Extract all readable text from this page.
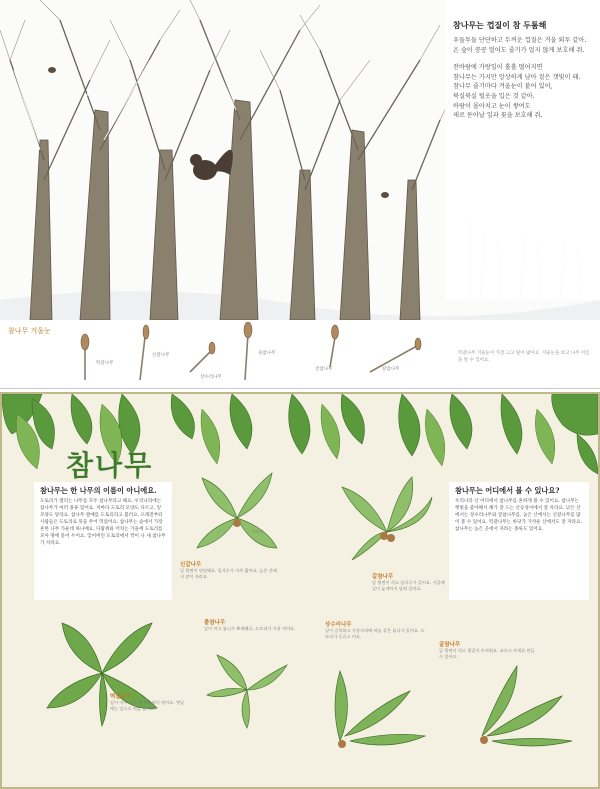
참나무는 껍질이 참 두툼해

우둘투둘 단단하고 두꺼운 껍질은 겨울 외투 같아. 온 숲이 꽁꽁 얼어도 줄기가 얼지 않게 보호해 줘.

찬바람에 가랑잎이 홀홀 떨어지면
참나무는 가지만 앙상하게 남아 짙은 갯빛이 돼.
참나무 줄기마다 겨울눈이 붙어 있어,
북실북실 털옷을 입은 것 같아.
바람이 몰아치고 눈이 쌓여도
새로 돋아날 잎과 꽃을 보호해 줘.

참나무 겨울눈
떡갈나무
신갈나무
상수리나무
졸참나무
굴참나무	갈참나무
떡갈나무 겨울눈이 가장 크고 털이 많아요. 겨울눈을 보고 나무 이름을 알 수 있어요.
참나무
참나무는 한 나무의 이름이 아니에요.

도토리가 열리는 나무를 모두 참나무라고 해요. 우리나라에는 참나무가 여러 종류 있어요. 저마다 도토리 모양도 다르고, 잎 모양도 달라요. 참나무 열매를 도토리라고 불러요. 오래전부터 사람들은 도토리로 묵을 쑤어 먹었어요. 참나무는 숲에서 가장 흔한 나무 가운데 하나예요. 다람쥐와 어치는 가을에 도토리를 모아 땅에 묻어 두어요. 잊어버린 도토리에서 싹이 나 새 참나무가 자라요.

참나무는 어디에서 볼 수 있나요?

우리나라 산 어디에서 참나무를 흔하게 볼 수 있어요. 참나무는 햇빛을 좋아해서 해가 잘 드는 산등성이에서 잘 자라요. 낮은 산에서는 상수리나무와 굴참나무를, 높은 산에서는 신갈나무를 많이 볼 수 있어요. 떡갈나무는 바닷가 가까운 산에서도 잘 자라요. 참나무는 높은 곳에서 자라는 종류도 있어요.

도토리
신갈나무
잎 뒷면이 밋밋해요. 잎자루가 아주 짧아요. 높은 산에서 많이 자라요.	갈참나무
잎 뒷면이 희고 잎자루가 길어요. 가을에 잎이 늦게까지 달려 있어요.
떡갈나무
잎이 아주 크고 뒷면에 털이 많아요. 옛날에는 잎으로 떡을 쌌어요.
졸참나무
잎이 작고 톱니가 뾰족해요. 도토리가 가장 작아요.
상수리나무
잎이 길쭉하고 가장자리에 바늘 같은 톱니가 있어요. 도토리가 둥글고 커요.
굴참나무
잎 뒷면이 희고 껍질이 두꺼워요. 코르크 마개를 만들 수 있어요.
